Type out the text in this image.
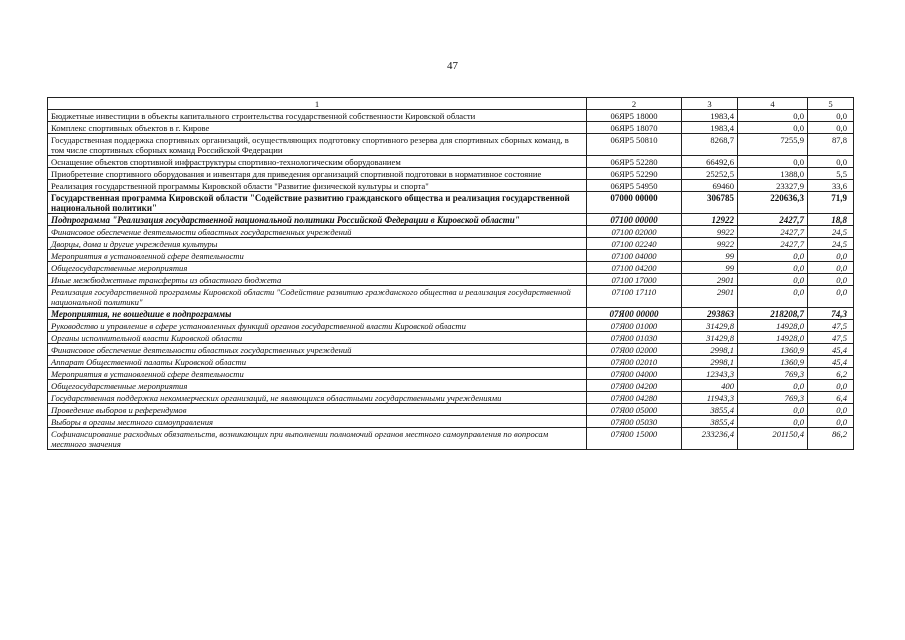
47
1	2	3	4	5
Бюджетные инвестиции в объекты капитального строительства государственной собственности Кировской области	06ЯР5 18000	1983,4	0,0	0,0
Комплекс спортивных объектов в г. Кирове	06ЯР5 18070	1983,4	0,0	0,0
Государственная поддержка спортивных организаций, осуществляющих подготовку спортивного резерва для спортивных сборных команд, в том числе спортивных сборных команд Российской Федерации	06ЯР5 50810	8268,7	7255,9	87,8
Оснащение объектов спортивной инфраструктуры спортивно-технологическим оборудованием	06ЯР5 52280	66492,6	0,0	0,0
Приобретение спортивного оборудования и инвентаря для приведения организаций спортивной подготовки в нормативное состояние	06ЯР5 52290	25252,5	1388,0	5,5
Реализация государственной программы Кировской области "Развитие физической культуры и спорта"	06ЯР5 54950	69460	23327,9	33,6
Государственная программа Кировской области "Содействие развитию гражданского общества и реализация государственной национальной политики"	07000 00000	306785	220636,3	71,9
Подпрограмма "Реализация государственной национальной политики Российской Федерации в Кировской области"	07100 00000	12922	2427,7	18,8
Финансовое обеспечение деятельности областных государственных учреждений	07100 02000	9922	2427,7	24,5
Дворцы, дома и другие учреждения культуры	07100 02240	9922	2427,7	24,5
Мероприятия в установленной сфере деятельности	07100 04000	99	0,0	0,0
Общегосударственные мероприятия	07100 04200	99	0,0	0,0
Иные межбюджетные трансферты из областного бюджета	07100 17000	2901	0,0	0,0
Реализация государственной программы Кировской области "Содействие развитию гражданского общества и реализация государственной национальной политики"	07100 17110	2901	0,0	0,0
Мероприятия, не вошедшие в подпрограммы	07Я00 00000	293863	218208,7	74,3
Руководство и управление в сфере установленных функций органов государственной власти Кировской области	07Я00 01000	31429,8	14928,0	47,5
Органы исполнительной власти Кировской области	07Я00 01030	31429,8	14928,0	47,5
Финансовое обеспечение деятельности областных государственных учреждений	07Я00 02000	2998,1	1360,9	45,4
Аппарат Общественной палаты Кировской области	07Я00 02010	2998,1	1360,9	45,4
Мероприятия в установленной сфере деятельности	07Я00 04000	12343,3	769,3	6,2
Общегосударственные мероприятия	07Я00 04200	400	0,0	0,0
Государственная поддержка некоммерческих организаций, не являющихся областными государственными учреждениями	07Я00 04280	11943,3	769,3	6,4
Проведение выборов и референдумов	07Я00 05000	3855,4	0,0	0,0
Выборы в органы местного самоуправления	07Я00 05030	3855,4	0,0	0,0
Софинансирование расходных обязательств, возникающих при выполнении полномочий органов местного самоуправления по вопросам местного значения	07Я00 15000	233236,4	201150,4	86,2
